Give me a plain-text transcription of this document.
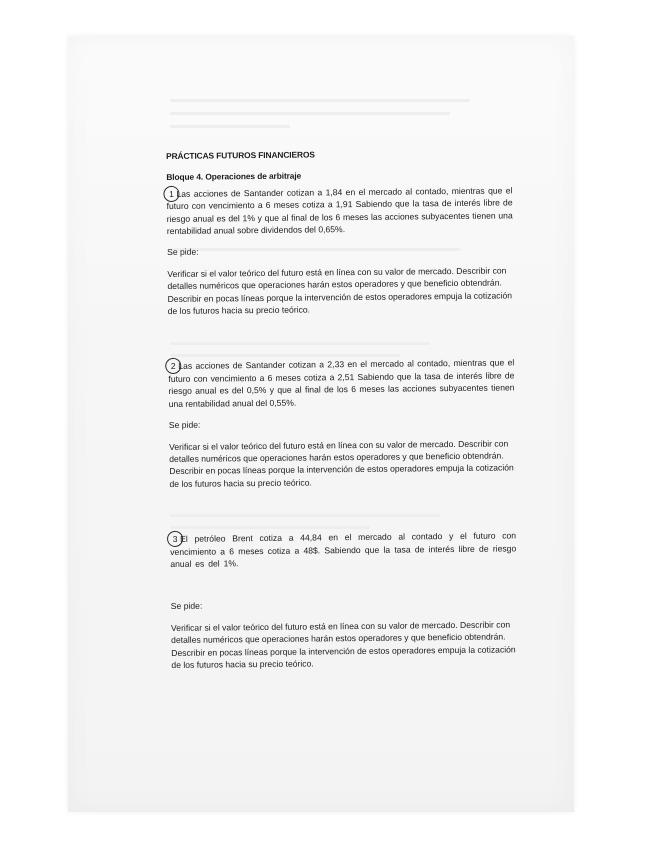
PRÁCTICAS FUTUROS FINANCIEROS

Bloque 4. Operaciones de arbitraje

1 Las acciones de Santander cotizan a 1,84 en el mercado al contado, mientras que el futuro con vencimiento a 6 meses cotiza a 1,91 Sabiendo que la tasa de interés libre de riesgo anual es del 1% y que al final de los 6 meses las acciones subyacentes tienen una rentabilidad anual sobre dividendos del 0,65%.

Se pide:

Verificar si el valor teórico del futuro está en línea con su valor de mercado. Describir con detalles numéricos que operaciones harán estos operadores y que beneficio obtendrán. Describir en pocas líneas porque la intervención de estos operadores empuja la cotización de los futuros hacia su precio teórico.

2 Las acciones de Santander cotizan a 2,33 en el mercado al contado, mientras que el futuro con vencimiento a 6 meses cotiza a 2,51 Sabiendo que la tasa de interés libre de riesgo anual es del 0,5% y que al final de los 6 meses las acciones subyacentes tienen una rentabilidad anual del 0,55%.

Se pide:

Verificar si el valor teórico del futuro está en línea con su valor de mercado. Describir con detalles numéricos que operaciones harán estos operadores y que beneficio obtendrán. Describir en pocas líneas porque la intervención de estos operadores empuja la cotización de los futuros hacia su precio teórico.

3 El petróleo Brent cotiza a 44,84 en el mercado al contado y el futuro con vencimiento a 6 meses cotiza a 48$. Sabiendo que la tasa de interés libre de riesgo anual es del 1%.

Se pide:

Verificar si el valor teórico del futuro está en línea con su valor de mercado. Describir con detalles numéricos que operaciones harán estos operadores y que beneficio obtendrán. Describir en pocas líneas porque la intervención de estos operadores empuja la cotización de los futuros hacia su precio teórico.
